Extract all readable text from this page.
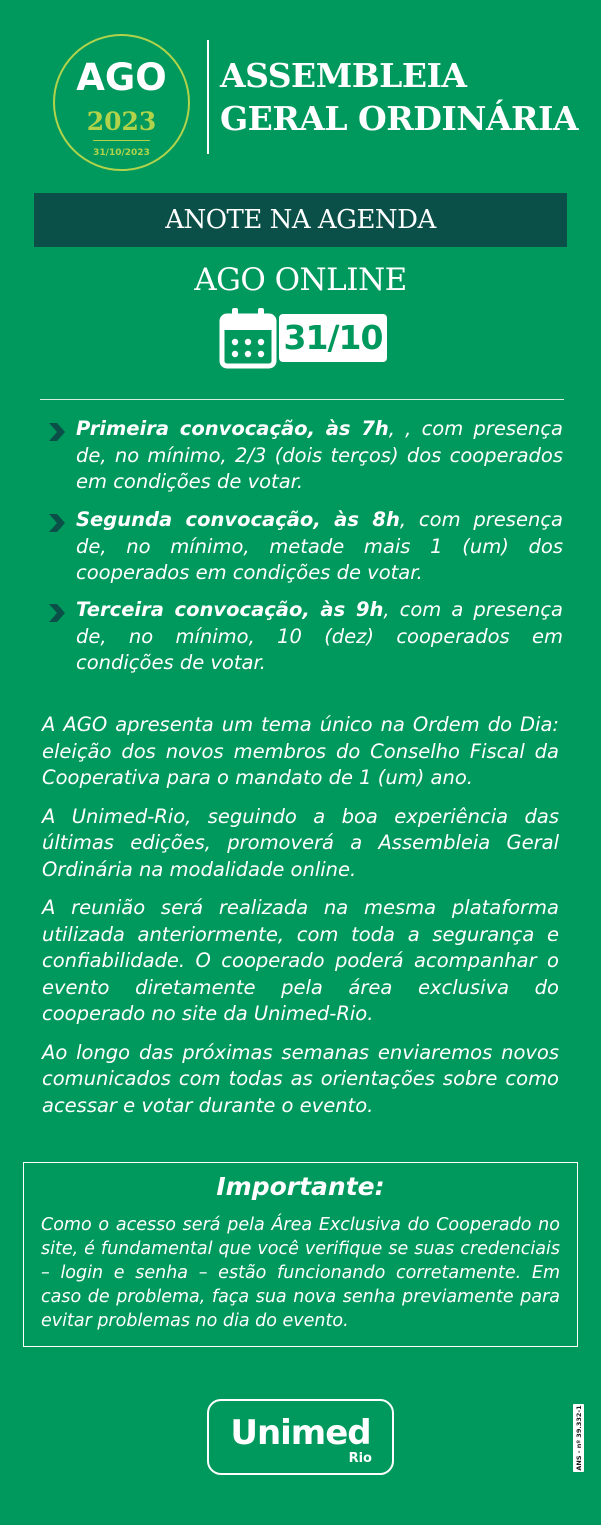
AGO
2023
31/10/2023
ASSEMBLEIA
GERAL ORDINÁRIA
ANOTE NA AGENDA
AGO ONLINE
31/10

Primeira convocação, às 7h, , com presença de, no mínimo, 2/3 (dois terços) dos cooperados em condições de votar.

Segunda convocação, às 8h, com presença de, no mínimo, metade mais 1 (um) dos cooperados em condições de votar.

Terceira convocação, às 9h, com a presença de, no mínimo, 10 (dez) cooperados em condições de votar.

A AGO apresenta um tema único na Ordem do Dia: eleição dos novos membros do Conselho Fiscal da Cooperativa para o mandato de 1 (um) ano.

A Unimed-Rio, seguindo a boa experiência das últimas edições, promoverá a Assembleia Geral Ordinária na modalidade online.

A reunião será realizada na mesma plataforma utilizada anteriormente, com toda a segurança e confiabilidade. O cooperado poderá acompanhar o evento diretamente pela área exclusiva do cooperado no site da Unimed-Rio.

Ao longo das próximas semanas enviaremos novos comunicados com todas as orientações sobre como acessar e votar durante o evento.

Importante:

Como o acesso será pela Área Exclusiva do Cooperado no site, é fundamental que você verifique se suas credenciais – login e senha – estão funcionando corretamente. Em caso de problema, faça sua nova senha previamente para evitar problemas no dia do evento.

Unimed
Rio	ANS - nº 39.332-1
